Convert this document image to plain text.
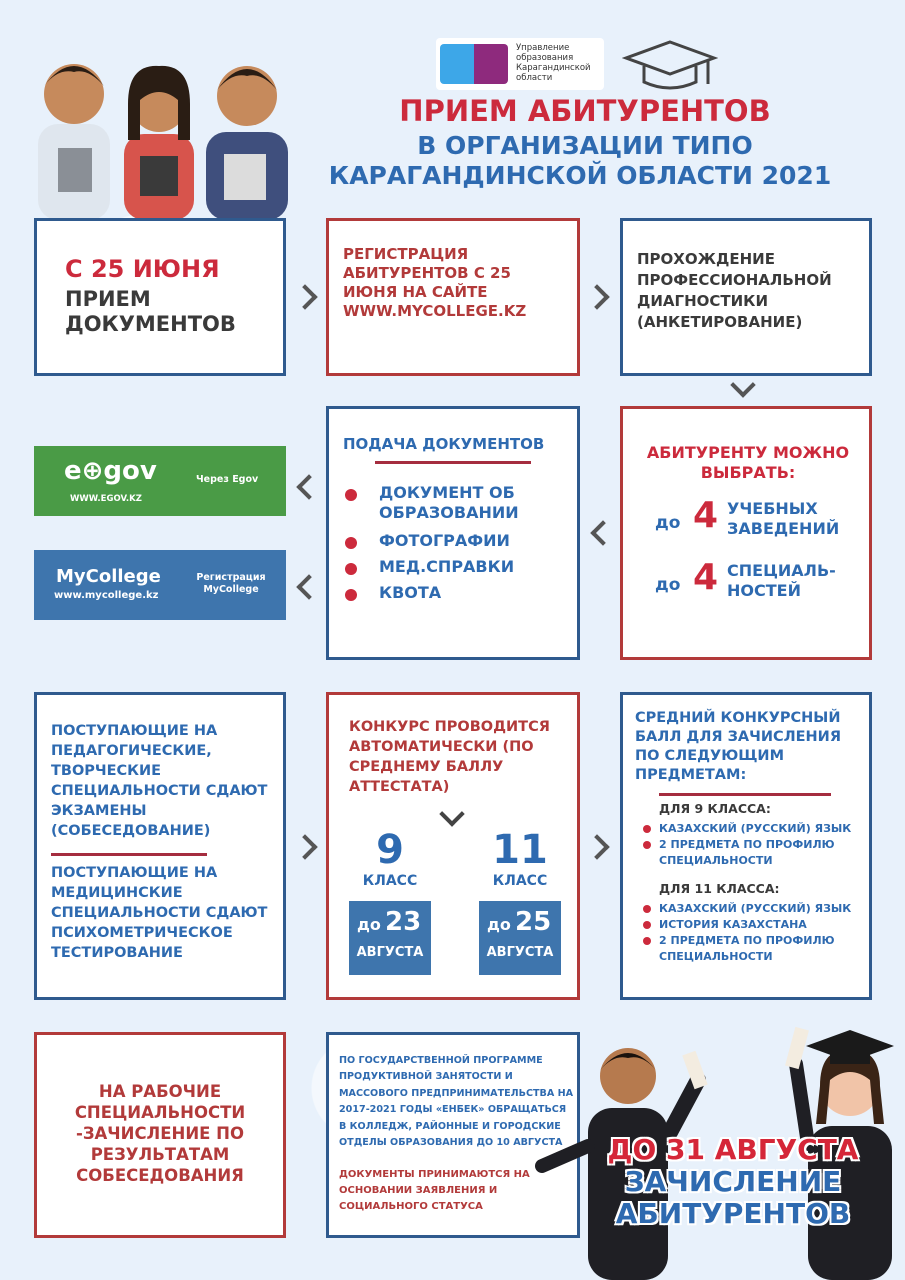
Управление образования Карагандинской области
ПРИЕМ АБИТУРЕНТОВ
В ОРГАНИЗАЦИИ ТИПО
КАРАГАНДИНСКОЙ ОБЛАСТИ 2021
С 25 ИЮНЯ
ПРИЕМ ДОКУМЕНТОВ
РЕГИСТРАЦИЯ АБИТУРЕНТОВ С 25 ИЮНЯ НА САЙТЕ WWW.MYCOLLEGE.KZ
ПРОХОЖДЕНИЕ ПРОФЕССИОНАЛЬНОЙ ДИАГНОСТИКИ (АНКЕТИРОВАНИЕ)
e⊕gov
WWW.EGOV.KZ
Через Egov
MyCollege
www.mycollege.kz
Регистрация MyCollege
ПОДАЧА ДОКУМЕНТОВ
ДОКУМЕНТ ОБ ОБРАЗОВАНИИ
ФОТОГРАФИИ
МЕД.СПРАВКИ
КВОТА
АБИТУРЕНТУ МОЖНО ВЫБРАТЬ:
до 4 УЧЕБНЫХ ЗАВЕДЕНИЙ
до 4 СПЕЦИАЛЬ-НОСТЕЙ
ПОСТУПАЮЩИЕ НА ПЕДАГОГИЧЕСКИЕ, ТВОРЧЕСКИЕ СПЕЦИАЛЬНОСТИ СДАЮТ ЭКЗАМЕНЫ (СОБЕСЕДОВАНИЕ)
ПОСТУПАЮЩИЕ НА МЕДИЦИНСКИЕ СПЕЦИАЛЬНОСТИ СДАЮТ ПСИХОМЕТРИЧЕСКОЕ ТЕСТИРОВАНИЕ
КОНКУРС ПРОВОДИТСЯ АВТОМАТИЧЕСКИ (ПО СРЕДНЕМУ БАЛЛУ АТТЕСТАТА)
9
КЛАСС
до 23
АВГУСТА
11
КЛАСС
до 25
АВГУСТА
СРЕДНИЙ КОНКУРСНЫЙ БАЛЛ ДЛЯ ЗАЧИСЛЕНИЯ ПО СЛЕДУЮЩИМ ПРЕДМЕТАМ:
ДЛЯ 9 КЛАССА:
КАЗАХСКИЙ (РУССКИЙ) ЯЗЫК
2 ПРЕДМЕТА ПО ПРОФИЛЮ СПЕЦИАЛЬНОСТИ
ДЛЯ 11 КЛАССА:
КАЗАХСКИЙ (РУССКИЙ) ЯЗЫК
ИСТОРИЯ КАЗАХСТАНА
2 ПРЕДМЕТА ПО ПРОФИЛЮ СПЕЦИАЛЬНОСТИ
НА РАБОЧИЕ СПЕЦИАЛЬНОСТИ -ЗАЧИСЛЕНИЕ ПО РЕЗУЛЬТАТАМ СОБЕСЕДОВАНИЯ
ПО ГОСУДАРСТВЕННОЙ ПРОГРАММЕ ПРОДУКТИВНОЙ ЗАНЯТОСТИ И МАССОВОГО ПРЕДПРИНИМАТЕЛЬСТВА НА 2017-2021 ГОДЫ «ЕНБЕК» ОБРАЩАТЬСЯ В КОЛЛЕДЖ, РАЙОННЫЕ И ГОРОДСКИЕ ОТДЕЛЫ ОБРАЗОВАНИЯ ДО 10 АВГУСТА
ДОКУМЕНТЫ ПРИНИМАЮТСЯ НА ОСНОВАНИИ ЗАЯВЛЕНИЯ И СОЦИАЛЬНОГО СТАТУСА
ДО 31 АВГУСТА
ЗАЧИСЛЕНИЕ
АБИТУРЕНТОВ
